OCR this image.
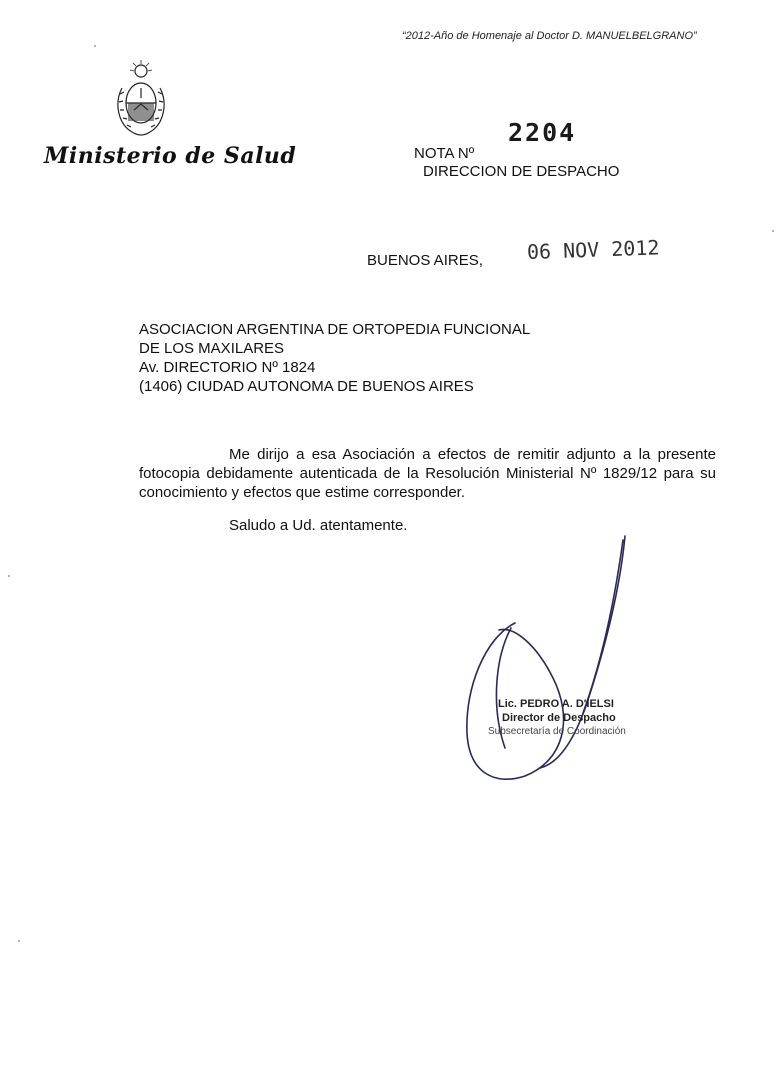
“2012-Año de Homenaje al Doctor D. MANUELBELGRANO”
Ministerio de Salud
2204
NOTA Nº
DIRECCION DE DESPACHO
BUENOS AIRES, 06 NOV 2012
ASOCIACION ARGENTINA DE ORTOPEDIA FUNCIONAL
DE LOS MAXILARES
Av. DIRECTORIO Nº 1824
(1406) CIUDAD AUTONOMA DE BUENOS AIRES
Me dirijo a esa Asociación a efectos de remitir adjunto a la presente fotocopia debidamente autenticada de la Resolución Ministerial Nº 1829/12 para su conocimiento y efectos que estime corresponder.
Saludo a Ud. atentamente.
Lic. PEDRO A. D'IELSI
Director de Despacho
Subsecretaría de Coordinación
